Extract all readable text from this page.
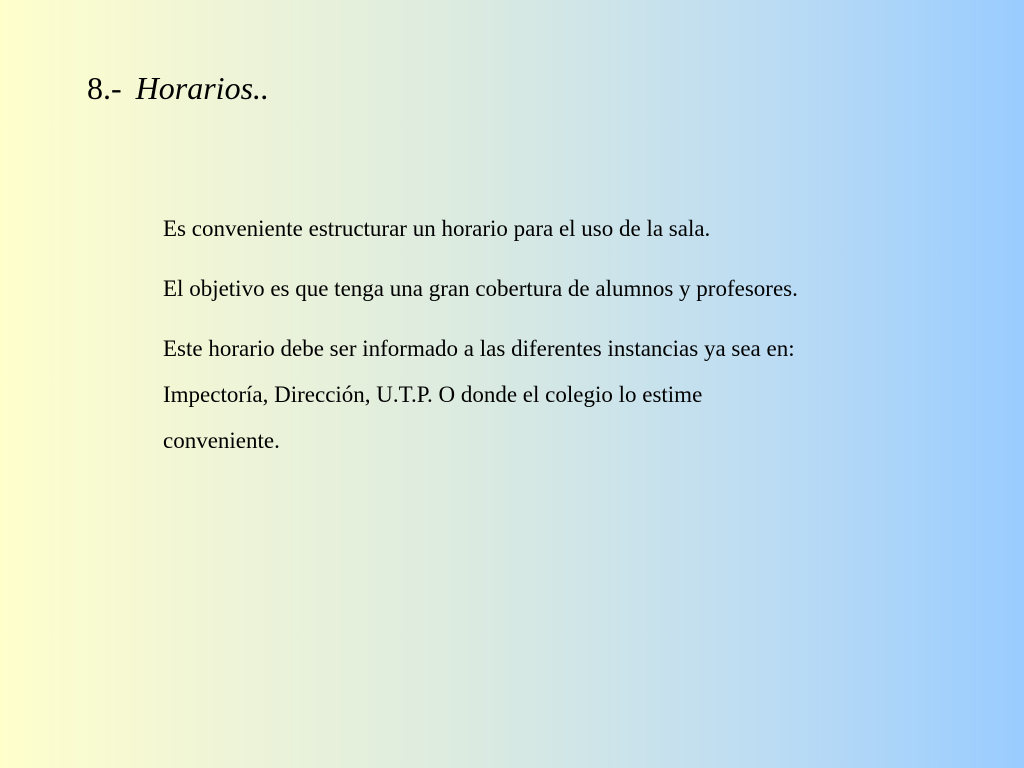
8.- Horarios..

Es conveniente estructurar un horario para el uso de la sala.

El objetivo es que tenga una gran cobertura de alumnos y profesores.

Este horario debe ser informado a las diferentes instancias ya sea en: Impectoría, Dirección, U.T.P. O donde el colegio lo estime conveniente.
